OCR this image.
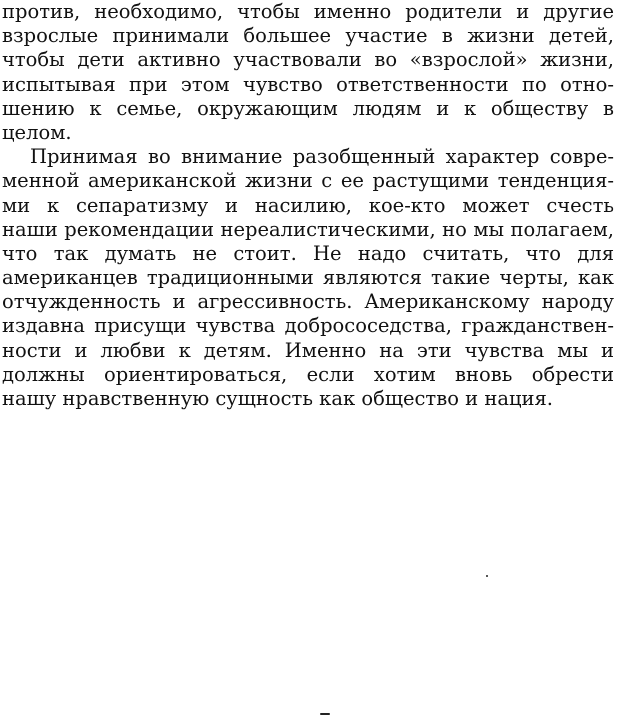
против, необходимо, чтобы именно родители и другие
взрослые принимали большее участие в жизни детей,
чтобы дети активно участвовали во «взрослой» жизни,
испытывая при этом чувство ответственности по отно-
шению к семье, окружающим людям и к обществу в
целом.
Принимая во внимание разобщенный характер совре-
менной американской жизни с ее растущими тенденция-
ми к сепаратизму и насилию, кое-кто может счесть
наши рекомендации нереалистическими, но мы полагаем,
что так думать не стоит. Не надо считать, что для
американцев традиционными являются такие черты, как
отчужденность и агрессивность. Американскому народу
издавна присущи чувства добрососедства, гражданствен-
ности и любви к детям. Именно на эти чувства мы и
должны ориентироваться, если хотим вновь обрести
нашу нравственную сущность как общество и нация.
